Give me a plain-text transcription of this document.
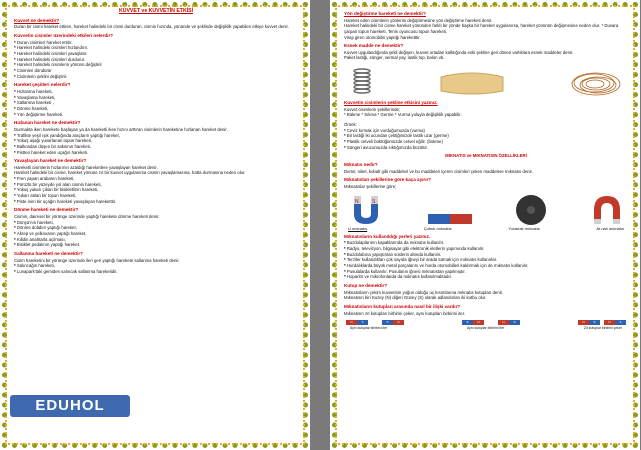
KUVVET ve KUVVETİN ETKİSİ
Kuvvet ne demektir?

Duran bir cismi hareket ettiren, hareket halindeki bir cismi durduran, cismin hızında, yönünde ve şeklinde değişiklik yapabilen etkiye kuvvet denir.

Kuvvetin cisimler üzerindeki etkileri nelerdir?
* Duran cisimleri hareket ettirir.
* Hareket halindeki cisimleri hızlandırır.
* Hareket halindeki cisimleri yavaşlatır.
* Hareket halindeki cisimleri durdurur.
* Hareket halindeki cisimlerin yönünü değiştirir
* Cisimleri döndürür
* Cisimlerin şeklini değiştirir.
Hareket çeşitleri nelerdir?
* Hızlanma hareketi,
* Yavaşlama hareketi,
* Sallanma hareketi ,
* Dönme hareketi,
* Yön değiştirme hareketi.
Hızlanan hareket ne demektir?

Durmakta iken harekete başlayan ya da hareketli iken hızını arttıran cisimlerin hareketine hızlanan hareket denir.

* Trafikte yeşil ışık yandığında araçların yaptığı hareket,
* Yokuş aşağı yuvarlanan topun hareketi,
* Balkondan düşen bir saksının hareketi,
* Pistten hareket eden uçağın hareketi.
Yavaşlayan hareket ne demektir?

Hareketli cisimlerin hızlarının azaldığı hareketlere yavaşlayan hareket denir.

Hareket halindeki bir cisme, hareket yönüne zıt bir kuvvet uygulanırsa cismin yavaşlamasına, hatta durmasına neden olur.

* Fren yapan arabanın hareketi,
* Pürüzlü bir yüzeyde yol alan cismin hareketi,
* Yokuş yukarı çıkan bir bisikletlinin hareketi,
* Yukarı atılan bir topun hareketi,
* Piste inen bir uçağın hareketi yavaşlayan hareketttir.
Dönme hareketi ne demektir?

Cismin, dairesel bir yörünge üzerinde yaptığı harekete dönme hareketi denir.

* Dünya'nın hareketi,
* Dönme dolabın yaptığı hareket,
* Akrep ve yelkovanın yaptığı hareket,
* Kilidin anahtarla açılması,
* Bisiklet pedalının yaptığı hareket.
Sallanma hareketi ne demektir?

Cisim hareketini bir yörünge üzerinde ileri geri yaptığı harekete sallanma hareketi denir.

* Salıncağın hareketi,
* Lunapark'taki gemiden salıncak sallanma hareketidir.
EDUHOL
Yön değiştirme hareketi ne demektir?

Hareket eden cisimlerin yönlerini değiştirmesine yön değiştirme hareketi denir.

Hareket halindeki bir cisme hareket yönünden farklı bir yönde başka bir hareket uygulanırsa, hareket yönünün değişmesine neden olur. * Duvara çarpan topun hareketi. Tenis oyuncusu topun hareketi.

Virajı giren otomobilin yaptığı hareketttir.

Esnek madde ne demektir?

Kuvvet uygulandığında şekli değişen, kuvvet ortadan kalktığında eski şekline geri dönen varlıklara esnek maddeler denir.

Paket lastiği, sünger, sermal yay, lastik top, balon vb.

Kuvvetin cisimlerin şekline etkisini yazınız.

Kuvvet cisimlerin şekillerinde;

* Bükme * Sıkma * Germe * Vurma yoluyla değişiklik yapabilir.

Örnek:

* Ceviz kırmak için vurduğumuzda (vurma)
* Bir lastiği iki ucundan çektiğimizde lastik uzar (germe)
* Plastik cetveli büktüğümüzde cetvel eğilir. (bükme)
* Süngeri avucumuzda sıktığımızda büzülür.
MIKNATIS ve MIKNATISIN ÖZELLİKLERİ
Mıknatıs nedir?

Demir, nikel, kobalt gibi maddeleri ve bu maddeleri içeren cisimleri çeken maddelere mıknatıs denir.

Mıknatısları şekillerine göre kaça ayırır?

Mıknatıslar şekillerine göre;

N	S
U mıknatıs	Çubuk mıknatıs	Yuvarlak mıknatıs	At nalı mıknatıs
Mıknatısların kullanıldığı yerleri yazınız.
* Buzdolaplarının kapaklarında da mıknatıs kullanılır.
* Radyo, televizyon, bilgisayar gibi elektronik eletlerin yapımında kullanılır.
* Buzdolabına yapıştırılan süslerin altında kullanılır.
* Terziler kullandıkları çok sayıda iğneyi bir arada tutmak için mıknatıs kullanırlar.
* Hurdalıklarda büyük metal parçalarını ve hurda otomobilleri kaldırmak için de mıknatıs kullanılır.
* Pusulalarda kullanılır. Pusulanın iğnesi mıknatıstan yapılmıştır.
* Hoparlör ve mikrofonlarda da mıknatıs kullanılmaktadır.
Kutup ne demektir?

Mıknatısların çekim kuvvetinin yoğun olduğu uç kısımlarına mıknatıs kutupları denir.

Mıknatısın biri Kuzey (N) diğeri Güney (S) olarak adlandırılan iki kutbu olur.

Mıknatısların kutupları arasında nasıl bir ilişki vardır?

Mıknatısın zıt kutupları birbirini çeker, aynı kutupları birbirini iter.

N	S	S	N	S	N	N	S	N	S	N	S
Aynı kutuplar birbirini iter	Aynı kutuplar birbirini iter	Zıt kutuplar birbirini çeker
